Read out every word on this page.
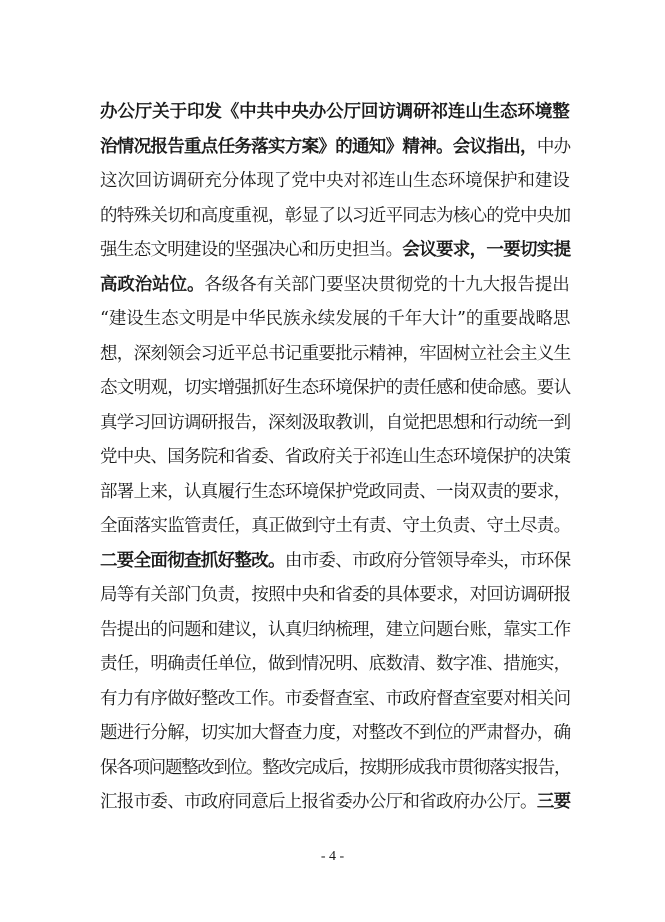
办公厅关于印发《中共中央办公厅回访调研祁连山生态环境整
治情况报告重点任务落实方案》的通知》精神。会议指出，中办
这次回访调研充分体现了党中央对祁连山生态环境保护和建设
的特殊关切和高度重视，彰显了以习近平同志为核心的党中央加
强生态文明建设的坚强决心和历史担当。会议要求，一要切实提
高政治站位。各级各有关部门要坚决贯彻党的十九大报告提出
“建设生态文明是中华民族永续发展的千年大计”的重要战略思
想，深刻领会习近平总书记重要批示精神，牢固树立社会主义生
态文明观，切实增强抓好生态环境保护的责任感和使命感。要认
真学习回访调研报告，深刻汲取教训，自觉把思想和行动统一到
党中央、国务院和省委、省政府关于祁连山生态环境保护的决策
部署上来，认真履行生态环境保护党政同责、一岗双责的要求，
全面落实监管责任，真正做到守土有责、守土负责、守土尽责。
二要全面彻查抓好整改。由市委、市政府分管领导牵头，市环保
局等有关部门负责，按照中央和省委的具体要求，对回访调研报
告提出的问题和建议，认真归纳梳理，建立问题台账，靠实工作
责任，明确责任单位，做到情况明、底数清、数字准、措施实，
有力有序做好整改工作。市委督查室、市政府督查室要对相关问
题进行分解，切实加大督查力度，对整改不到位的严肃督办，确
保各项问题整改到位。整改完成后，按期形成我市贯彻落实报告，
汇报市委、市政府同意后上报省委办公厅和省政府办公厅。三要
- 4 -
